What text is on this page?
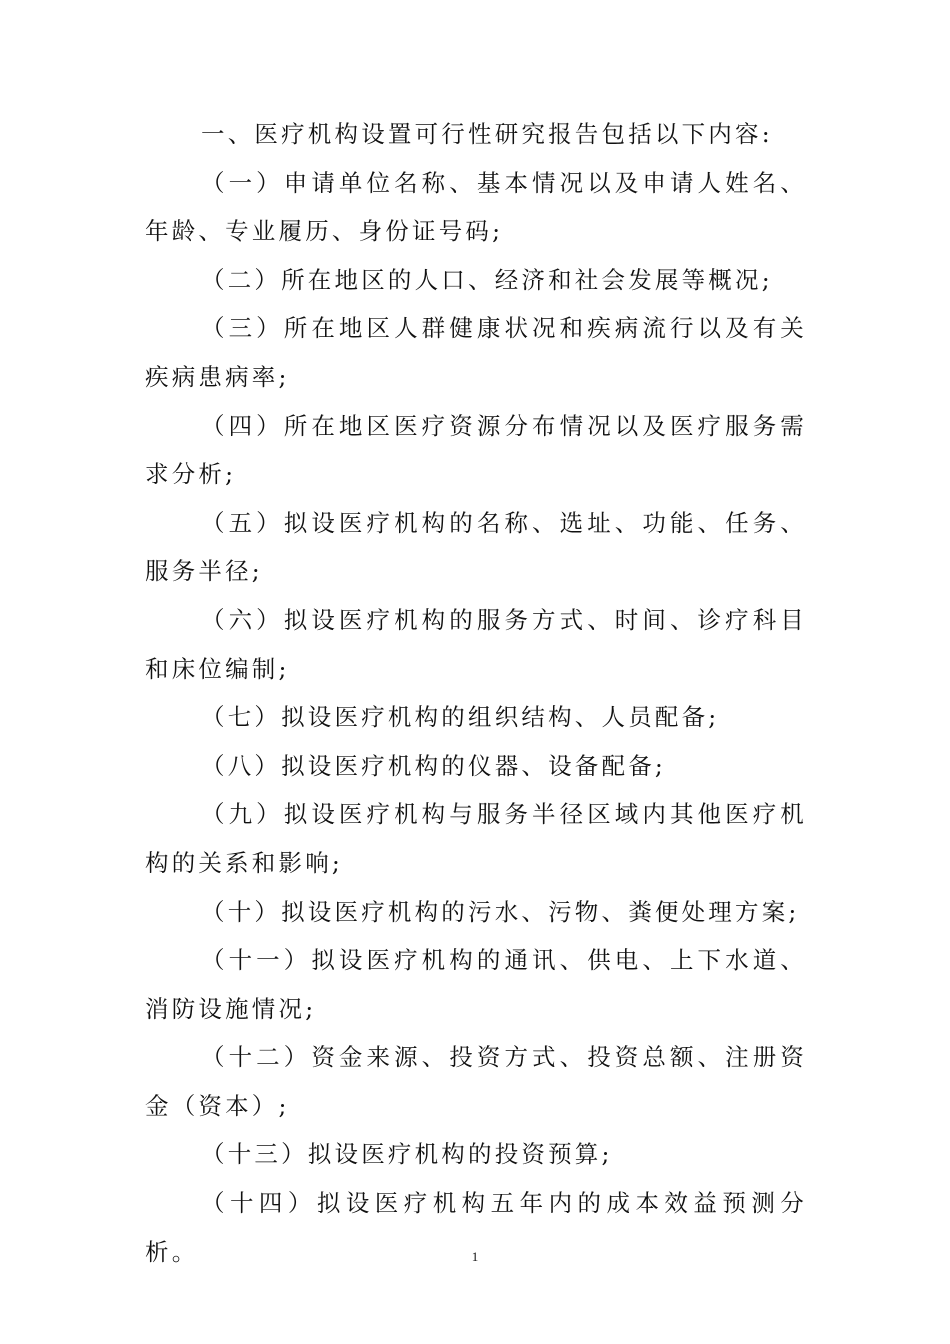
一、医疗机构设置可行性研究报告包括以下内容:

（一）申请单位名称、基本情况以及申请人姓名、年龄、专业履历、身份证号码;

（二）所在地区的人口、经济和社会发展等概况;

（三）所在地区人群健康状况和疾病流行以及有关疾病患病率;

（四）所在地区医疗资源分布情况以及医疗服务需求分析;

（五）拟设医疗机构的名称、选址、功能、任务、服务半径;

（六）拟设医疗机构的服务方式、时间、诊疗科目和床位编制;

（七）拟设医疗机构的组织结构、人员配备;

（八）拟设医疗机构的仪器、设备配备;

（九）拟设医疗机构与服务半径区域内其他医疗机构的关系和影响;

（十）拟设医疗机构的污水、污物、粪便处理方案;

（十一）拟设医疗机构的通讯、供电、上下水道、消防设施情况;

（十二）资金来源、投资方式、投资总额、注册资金（资本）;

（十三）拟设医疗机构的投资预算;

（十四）拟设医疗机构五年内的成本效益预测分析。	1
